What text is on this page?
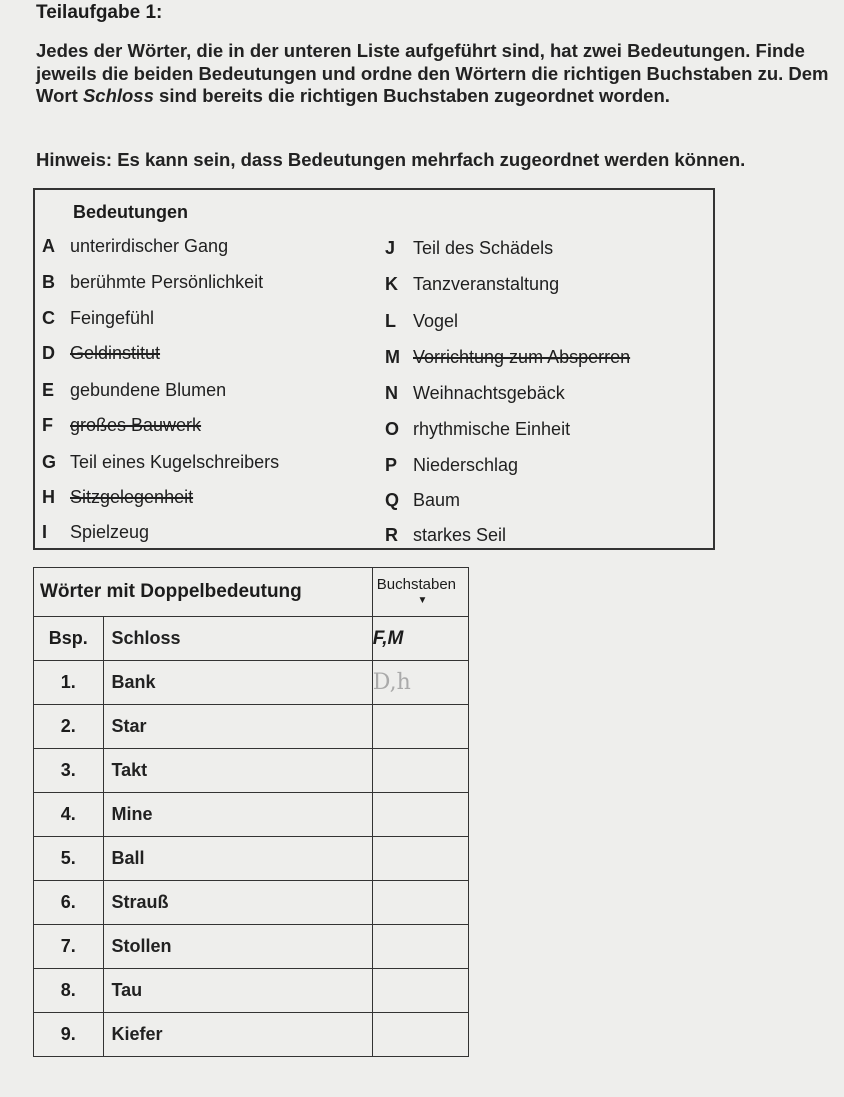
Teilaufgabe 1:
Jedes der Wörter, die in der unteren Liste aufgeführt sind, hat zwei Bedeutungen. Finde jeweils die beiden Bedeutungen und ordne den Wörtern die richtigen Buchstaben zu. Dem Wort Schloss sind bereits die richtigen Buchstaben zugeordnet worden.
Hinweis: Es kann sein, dass Bedeutungen mehrfach zugeordnet werden können.
Bedeutungen
A unterirdischer Gang
B berühmte Persönlichkeit
C Feingefühl
D Geldinstitut
E gebundene Blumen
F großes Bauwerk
G Teil eines Kugelschreibers
H Sitzgelegenheit
I Spielzeug
J Teil des Schädels
K Tanzveranstaltung
L Vogel
M Vorrichtung zum Absperren
N Weihnachtsgebäck
O rhythmische Einheit
P Niederschlag
Q Baum
R starkes Seil
Wörter mit Doppelbedeutung		Buchstaben
▼

Bsp.	Schloss	F,M
1.	Bank	D,h
2.	Star	
3.	Takt	
4.	Mine	
5.	Ball	
6.	Strauß	
7.	Stollen	
8.	Tau	
9.	Kiefer	
